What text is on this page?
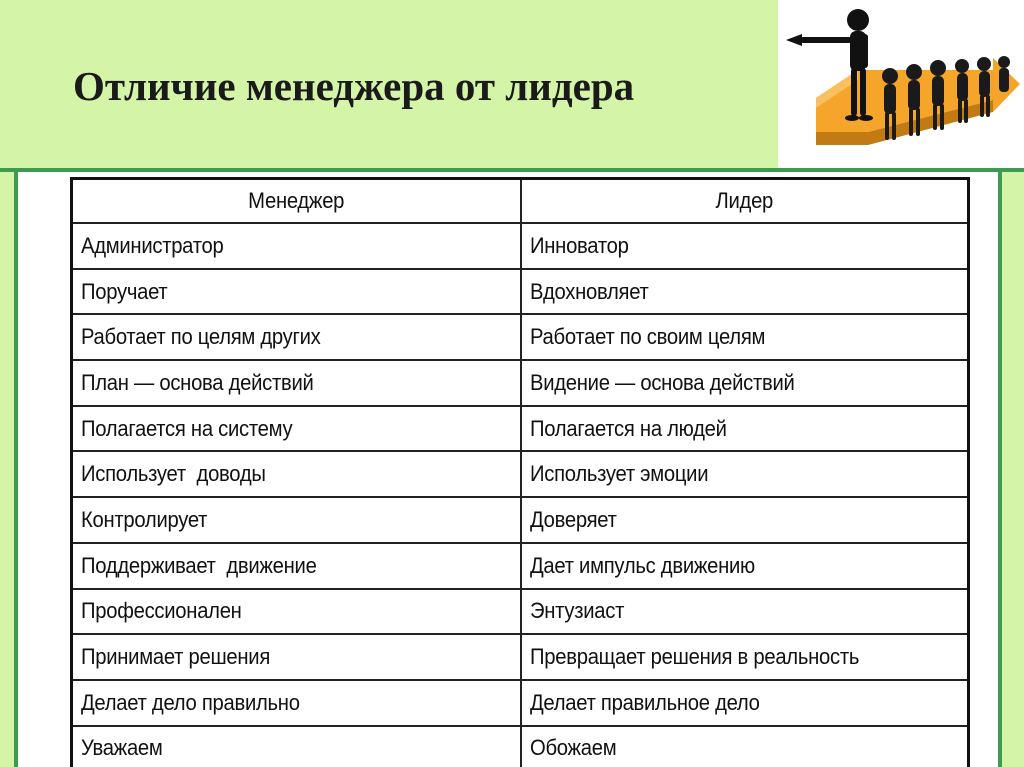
Отличие менеджера от лидера
Менеджер	Лидер
Администратор	Инноватор
Поручает	Вдохновляет
Работает по целям других	Работает по своим целям
План — основа действий	Видение — основа действий
Полагается на систему	Полагается на людей
Использует  доводы	Использует эмоции
Контролирует	Доверяет
Поддерживает  движение	Дает импульс движению
Профессионален	Энтузиаст
Принимает решения	Превращает решения в реальность
Делает дело правильно	Делает правильное дело
Уважаем	Обожаем
